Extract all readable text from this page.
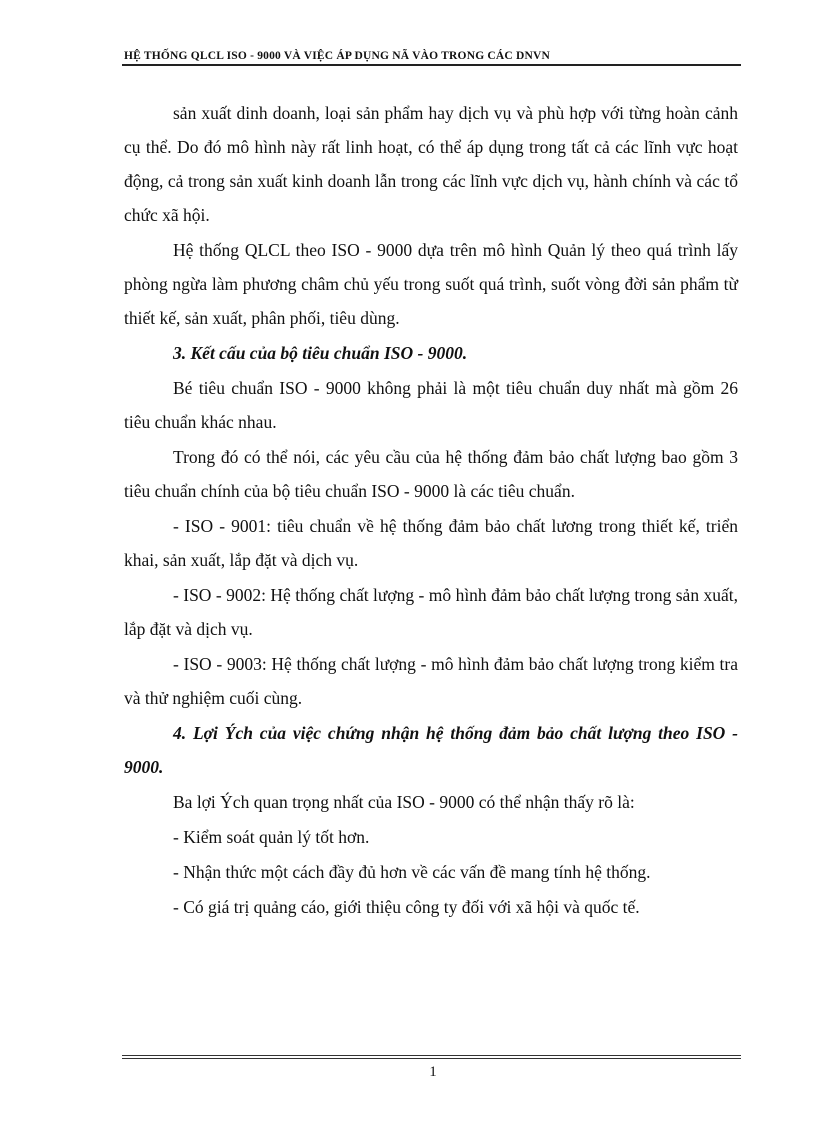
HỆ THỐNG QLCL ISO - 9000 VÀ VIỆC ÁP DỤNG NÃ VÀO TRONG CÁC DNVN

sản xuất dinh doanh, loại sản phẩm hay dịch vụ và phù hợp với từng hoàn cảnh cụ thể. Do đó mô hình này rất linh hoạt, có thể áp dụng trong tất cả các lĩnh vực hoạt động, cả trong sản xuất kinh doanh lẫn trong các lĩnh vực dịch vụ, hành chính và các tổ chức xã hội.

Hệ thống QLCL theo ISO - 9000 dựa trên mô hình Quản lý theo quá trình lấy phòng ngừa làm phương châm chủ yếu trong suốt quá trình, suốt vòng đời sản phẩm từ thiết kế, sản xuất, phân phối, tiêu dùng.

3. Kết cấu của bộ tiêu chuẩn ISO - 9000.

Bé tiêu chuẩn ISO - 9000 không phải là một tiêu chuẩn duy nhất mà gồm 26 tiêu chuẩn khác nhau.

Trong đó có thể nói, các yêu cầu của hệ thống đảm bảo chất lượng bao gồm 3 tiêu chuẩn chính của bộ tiêu chuẩn ISO - 9000 là các tiêu chuẩn.

- ISO - 9001: tiêu chuẩn về hệ thống đảm bảo chất lương trong thiết kế, triển khai, sản xuất, lắp đặt và dịch vụ.

- ISO - 9002: Hệ thống chất lượng - mô hình đảm bảo chất lượng trong sản xuất, lắp đặt và dịch vụ.

- ISO - 9003: Hệ thống chất lượng - mô hình đảm bảo chất lượng trong kiểm tra và thử nghiệm cuối cùng.

4. Lợi Ých của việc chứng nhận hệ thống đảm bảo chất lượng theo ISO - 9000.

Ba lợi Ých quan trọng nhất của ISO - 9000 có thể nhận thấy rõ là:

- Kiểm soát quản lý tốt hơn.

- Nhận thức một cách đầy đủ hơn về các vấn đề mang tính hệ thống.

- Có giá trị quảng cáo, giới thiệu công ty đối với xã hội và quốc tế.

1
